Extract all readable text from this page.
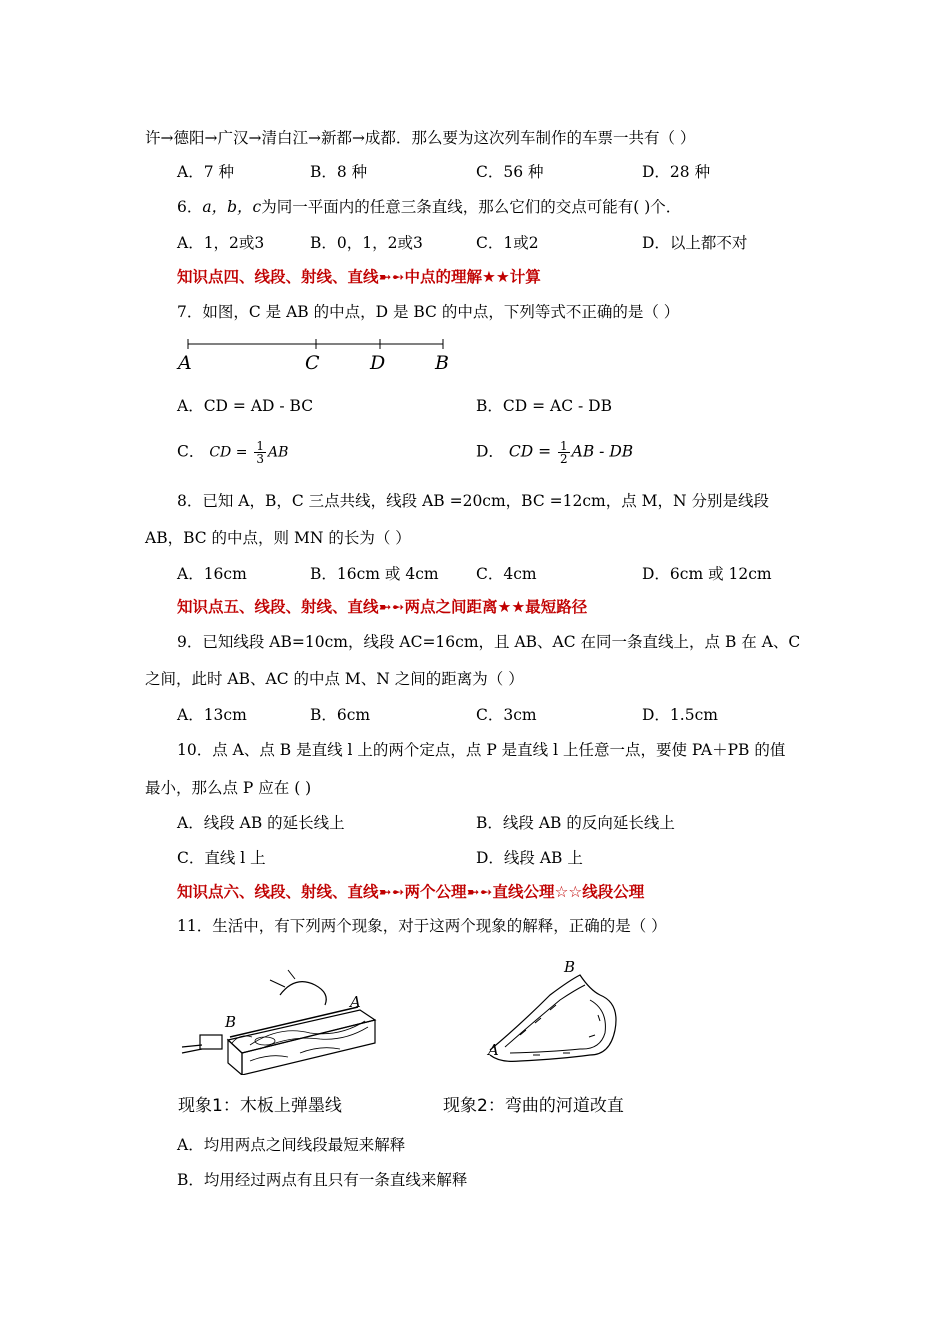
许→德阳→广汉→清白江→新都→成都．那么要为这次列车制作的车票一共有（ ）
A．7 种	B．8 种	C．56 种	D．28 种
6．a，b，c为同一平面内的任意三条直线，那么它们的交点可能有( )个．
A．1，2或3	B．0，1，2或3	C．1或2	D．以上都不对
知识点四、线段、射线、直线➼➻中点的理解★★计算
7．如图，C 是 AB 的中点，D 是 BC 的中点，下列等式不正确的是（ ）
A	C	D	B
A．CD = AD - BC	B．CD = AC - DB
C． CD = $\frac{1}{3}$ AB	D． CD = $\frac{1}{2}$ AB - DB
8．已知 A，B，C 三点共线，线段 AB =20cm，BC =12cm，点 M，N 分别是线段
AB，BC 的中点，则 MN 的长为（ ）
A．16cm	B．16cm 或 4cm C．4cm	D．6cm 或 12cm
知识点五、线段、射线、直线➼➻两点之间距离★★最短路径
9．已知线段 AB=10cm，线段 AC=16cm，且 AB、AC 在同一条直线上，点 B 在 A、C
之间，此时 AB、AC 的中点 M、N 之间的距离为（ ）
A．13cm	B．6cm	C．3cm	D．1.5cm
10．点 A、点 B 是直线 l 上的两个定点，点 P 是直线 l 上任意一点，要使 PA＋PB 的值
最小，那么点 P 应在 ( )
A．线段 AB 的延长线上	B．线段 AB 的反向延长线上
C．直线 l 上	D．线段 AB 上
知识点六、线段、射线、直线➼➻两个公理➼➻直线公理☆☆线段公理
11．生活中，有下列两个现象，对于这两个现象的解释，正确的是（ ）
B
A
B
A
现象1：木板上弹墨线	现象2：弯曲的河道改直
A．均用两点之间线段最短来解释
B．均用经过两点有且只有一条直线来解释
